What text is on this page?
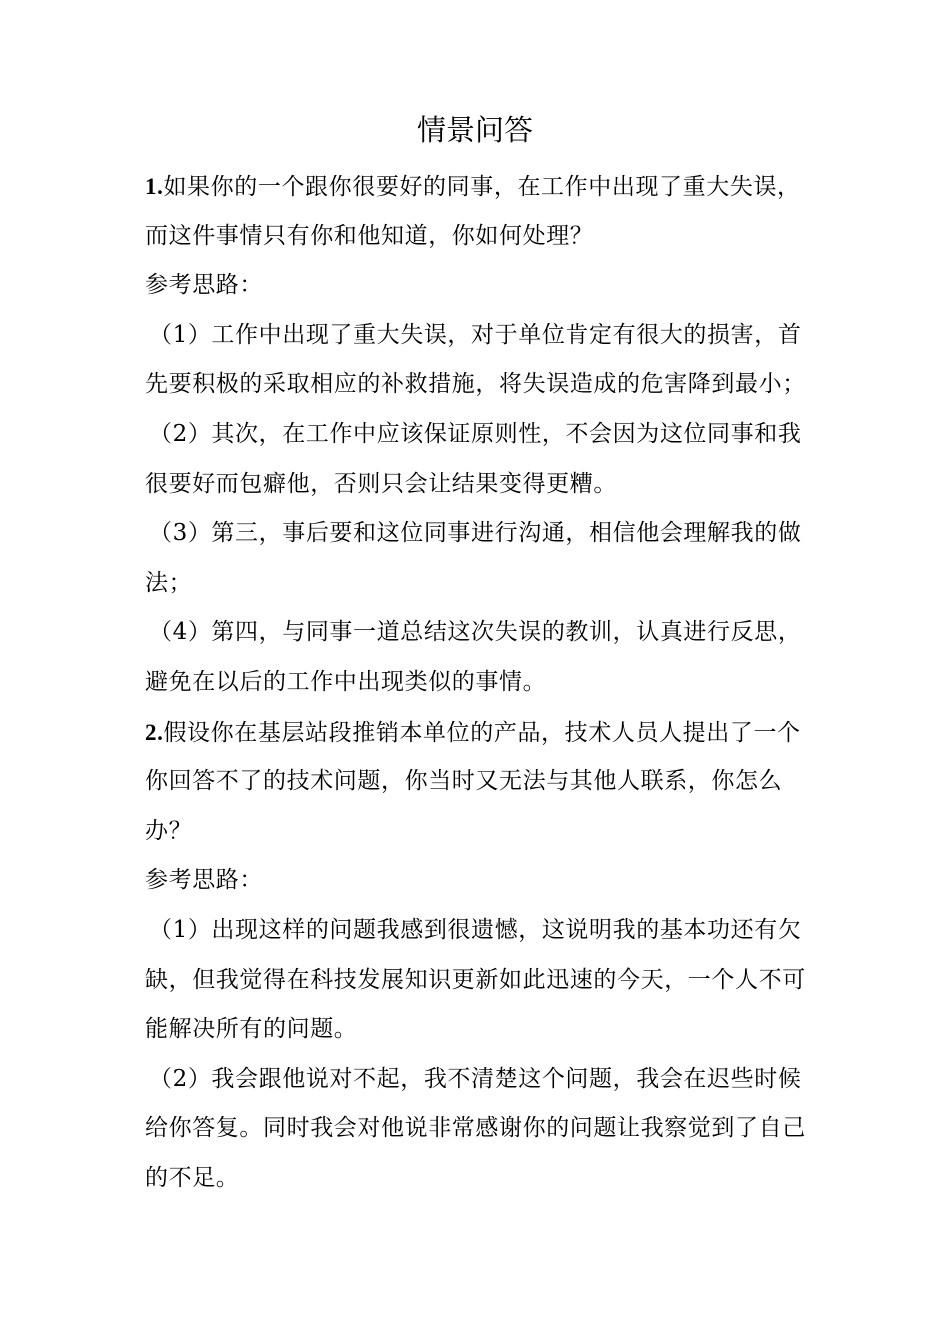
情景问答
1.如果你的一个跟你很要好的同事，在工作中出现了重大失误，
而这件事情只有你和他知道，你如何处理？
参考思路：
（1）工作中出现了重大失误，对于单位肯定有很大的损害，首
先要积极的采取相应的补救措施，将失误造成的危害降到最小；
（2）其次，在工作中应该保证原则性，不会因为这位同事和我
很要好而包癖他，否则只会让结果变得更糟。
（3）第三，事后要和这位同事进行沟通，相信他会理解我的做
法；
（4）第四，与同事一道总结这次失误的教训，认真进行反思，
避免在以后的工作中出现类似的事情。
2.假设你在基层站段推销本单位的产品，技术人员人提出了一个
你回答不了的技术问题，你当时又无法与其他人联系，你怎么
办？
参考思路：
（1）出现这样的问题我感到很遗憾，这说明我的基本功还有欠
缺，但我觉得在科技发展知识更新如此迅速的今天，一个人不可
能解决所有的问题。
（2）我会跟他说对不起，我不清楚这个问题，我会在迟些时候
给你答复。同时我会对他说非常感谢你的问题让我察觉到了自己
的不足。
